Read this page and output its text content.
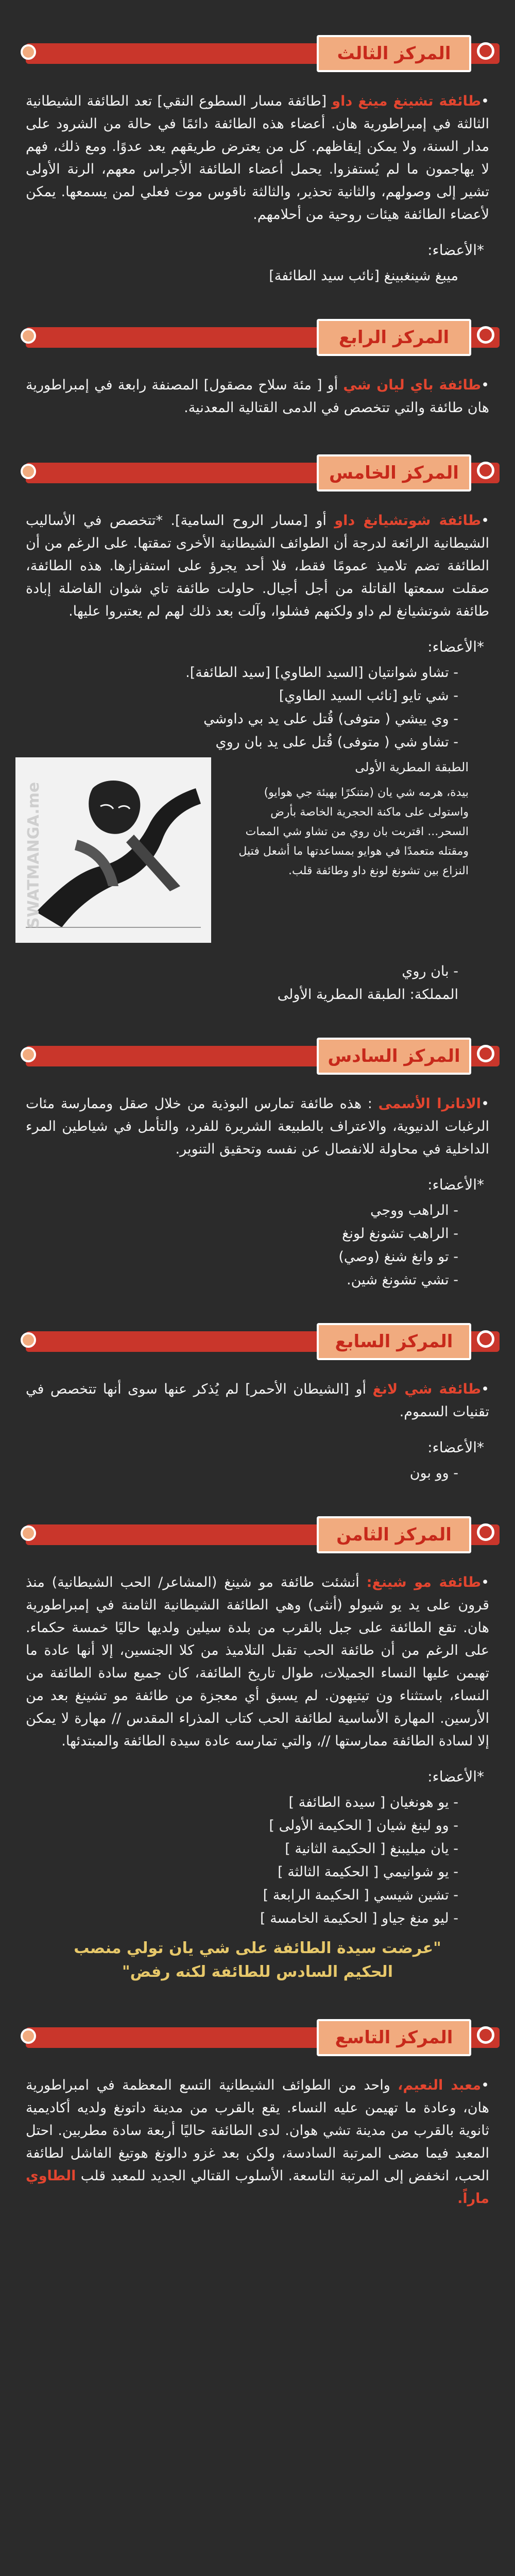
المركز الثالث

•طائفة تشينغ مينغ داو [طائفة مسار السطوع النقي] تعد الطائفة الشيطانية الثالثة في إمبراطورية هان. أعضاء هذه الطائفة دائمًا في حالة من الشرود على مدار السنة، ولا يمكن إيقاظهم. كل من يعترض طريقهم يعد عدوًا. ومع ذلك، فهم لا يهاجمون ما لم يُستفزوا. يحمل أعضاء الطائفة الأجراس معهم، الرنة الأولى تشير إلى وصولهم، والثانية تحذير، والثالثة ناقوس موت فعلي لمن يسمعها. يمكن لأعضاء الطائفة هيئات روحية من أحلامهم.

*الأعضاء:
ميبغ شينغبينغ [نائب سيد الطائفة]
المركز الرابع

•طائفة باي ليان شي أو [ مئة سلاح مصقول] المصنفة رابعة في إمبراطورية هان طائفة والتي تتخصص في الدمى القتالية المعدنية.

المركز الخامس

•طائفة شوتشيانغ داو أو [مسار الروح السامية]. *تتخصص في الأساليب الشيطانية الرائعة لدرجة أن الطوائف الشيطانية الأخرى تمقتها. على الرغم من أن الطائفة تضم تلاميذ عمومًا فقط، فلا أحد يجرؤ على استفزازها. هذه الطائفة، صقلت سمعتها القاتلة من أجل أجيال. حاولت طائفة تاي شوان الفاضلة إبادة طائفة شوتشيانغ لم داو ولكنهم فشلوا، وآلت بعد ذلك لهم لم يعتبروا عليها.

*الأعضاء:
- تشاو شوانتيان [السيد الطاوي] [سيد الطائفة].
- شي تايو [نائب السيد الطاوي]
- وي ييشي ( متوفى) قُتل على يد بي داوشي
- تشاو شي ( متوفى) قُتل على يد بان روي
الطبقة المطرية الأولى
بيدة، هرمه شي يان (متنكرًا بهيئة جي هوايو) واستولى على ماكنة الحجرية الخاصة بأرض السحر... اقتربت بان روي من تشاو شي الممات ومقتله متعمدًا في هوايو بمساعدتها ما أشعل فتيل النزاع بين تشونغ لونغ داو وطائفة قلب.
SWATMANGA.me
- بان روي
المملكة: الطبقة المطرية الأولى
المركز السادس

•الانانرا الأسمى : هذه طائفة تمارس البوذية من خلال صقل وممارسة مئات الرغبات الدنيوية، والاعتراف بالطبيعة الشريرة للفرد، والتأمل في شياطين المرء الداخلية في محاولة للانفصال عن نفسه وتحقيق التنوير.

*الأعضاء:
- الراهب ووجي
- الراهب تشونغ لونغ
- تو وانغ شنغ (وصي)
- تشي تشونغ شين.
المركز السابع

•طائفة شي لانغ أو [الشيطان الأحمر] لم يُذكر عنها سوى أنها تتخصص في تقنيات السموم.

*الأعضاء:
- وو بون
المركز الثامن

•طائفة مو شينغ: أنشئت طائفة مو شينغ (المشاعر/ الحب الشيطانية) منذ قرون على يد يو شيولو (أنثى) وهي الطائفة الشيطانية الثامنة في إمبراطورية هان. تقع الطائفة على جبل بالقرب من بلدة سيلين ولديها حاليًا خمسة حكماء. على الرغم من أن طائفة الحب تقبل التلاميذ من كلا الجنسين، إلا أنها عادة ما تهيمن عليها النساء الجميلات، طوال تاريخ الطائفة، كان جميع سادة الطائفة من النساء، باستثناء ون تيتيهون. لم يسبق أي معجزة من طائفة مو تشينغ بعد من الأرسين. المهارة الأساسية لطائفة الحب كتاب المذراء المقدس // مهارة لا يمكن إلا لسادة الطائفة ممارستها //، والتي تمارسه عادة سيدة الطائفة والمبتدئها.

*الأعضاء:
- يو هونغيان [ سيدة الطائفة ]
- وو لينغ شيان [ الحكيمة الأولى ]
- يان ميليبنغ [ الحكيمة الثانية ]
- يو شوانيمي [ الحكيمة الثالثة ]
- تشين شيسي [ الحكيمة الرابعة ]
- ليو منغ جياو [ الحكيمة الخامسة ]
"عرضت سيدة الطائفة على شي يان تولي منصب الحكيم السادس للطائفة لكنه رفض"
المركز التاسع

•معبد النعيم، واحد من الطوائف الشيطانية التسع المعظمة في امبراطورية هان، وعادة ما تهيمن عليه النساء. يقع بالقرب من مدينة داتونغ ولديه أكاديمية ثانوية بالقرب من مدينة تشي هوان. لدى الطائفة حاليًا أربعة سادة مطربين. احتل المعبد فيما مضى المرتبة السادسة، ولكن بعد غزو دالونغ هوتيغ الفاشل لطائفة الحب، انخفض إلى المرتبة التاسعة. الأسلوب القتالي الجديد للمعبد قلب الطاوي ماراً.
